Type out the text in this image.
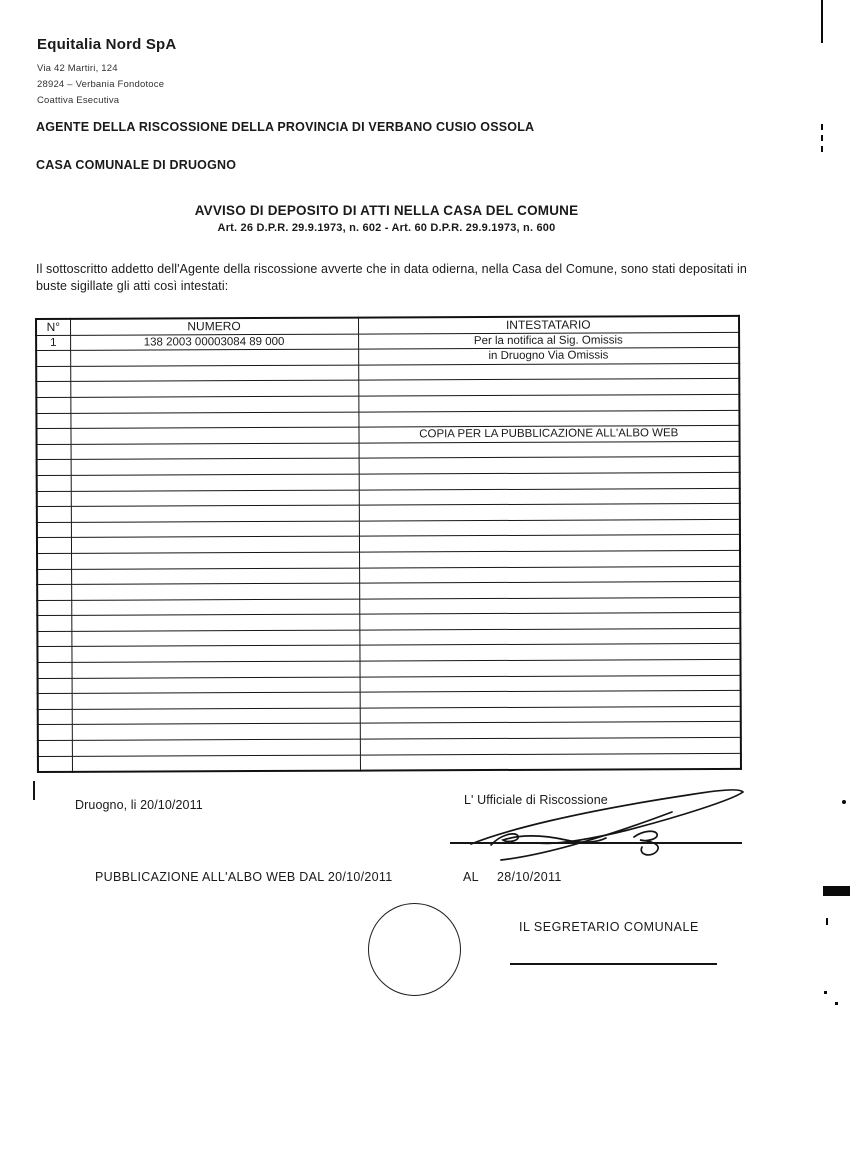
Equitalia Nord SpA
Via 42 Martiri, 124
28924 – Verbania Fondotoce
Coattiva Esecutiva
AGENTE DELLA RISCOSSIONE DELLA PROVINCIA DI VERBANO CUSIO OSSOLA
CASA COMUNALE DI DRUOGNO
AVVISO DI DEPOSITO DI ATTI NELLA CASA DEL COMUNE
Art. 26 D.P.R. 29.9.1973, n. 602 - Art. 60 D.P.R. 29.9.1973, n. 600
Il sottoscritto addetto dell'Agente della riscossione avverte che in data odierna, nella Casa del Comune, sono stati depositati in buste sigillate gli atti così intestati:
N°	NUMERO	INTESTATARIO
1	138 2003 00003084 89 000	Per la notifica al Sig. Omissis
		in Druogno Via Omissis

		COPIA PER LA PUBBLICAZIONE ALL'ALBO WEB

Druogno, li 20/10/2011	L' Ufficiale di Riscossione
PUBBLICAZIONE ALL'ALBO WEB DAL 20/10/2011	AL 28/10/2011
IL SEGRETARIO COMUNALE
